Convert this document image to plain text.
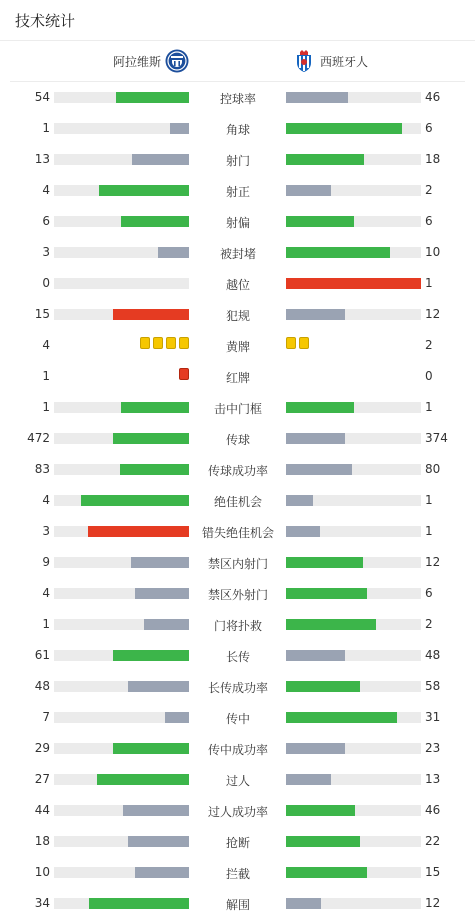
技术统计
阿拉维斯	西班牙人
54	控球率	46
1	角球	6
13	射门	18
4	射正	2
6	射偏	6
3	被封堵	10
0	越位	1
15	犯规	12
4	黄牌	2
1	红牌	0
1	击中门框	1
472	传球	374
83	传球成功率	80
4	绝佳机会	1
3	错失绝佳机会	1
9	禁区内射门	12
4	禁区外射门	6
1	门将扑救	2
61	长传	48
48	长传成功率	58
7	传中	31
29	传中成功率	23
27	过人	13
44	过人成功率	46
18	抢断	22
10	拦截	15
34	解围	12
